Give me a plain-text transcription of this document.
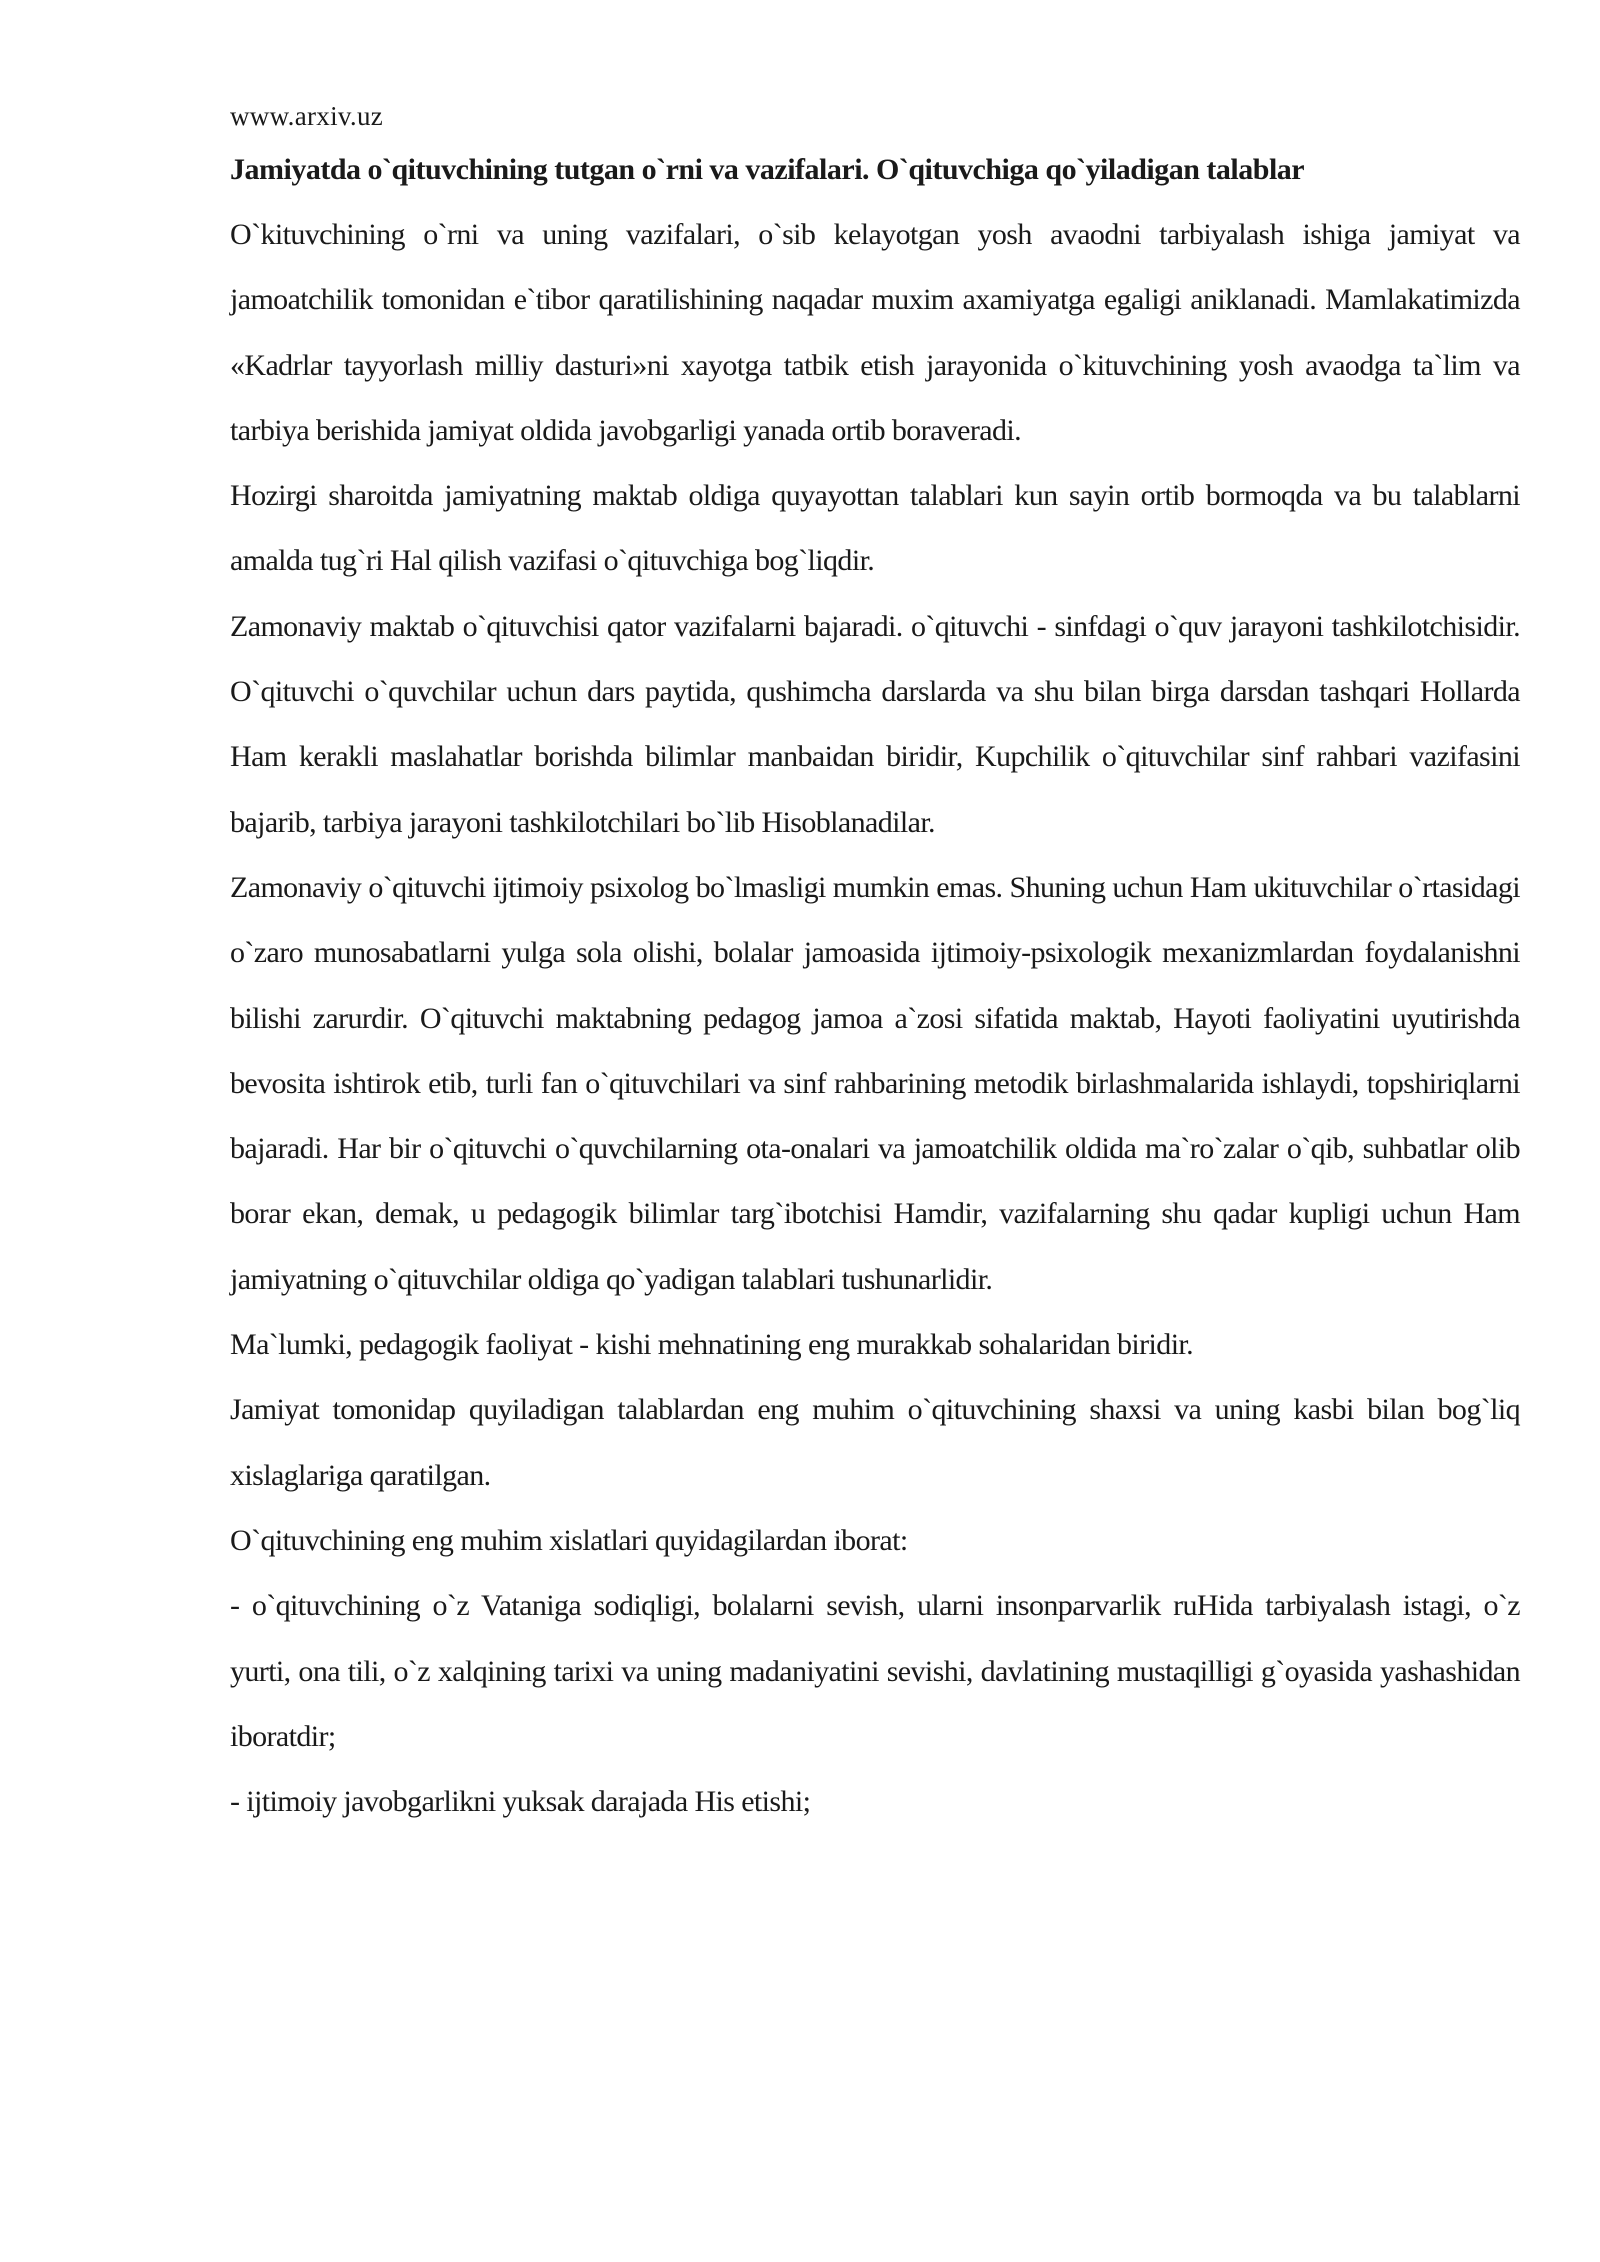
www.arxiv.uz
Jamiyatda o`qituvchining tutgan o`rni va vazifalari. O`qituvchiga qo`yiladigan talablar

O`kituvchining o`rni va uning vazifalari, o`sib kelayotgan yosh avaodni tarbiyalash ishiga jamiyat va jamoatchilik tomonidan e`tibor qaratilishining naqadar muxim axamiyatga egaligi aniklanadi. Mamlakatimizda «Kadrlar tayyorlash milliy dasturi»ni xayotga tatbik etish jarayonida o`kituvchining yosh avaodga ta`lim va tarbiya berishida jamiyat oldida javobgarligi yanada ortib boraveradi.

Hozirgi sharoitda jamiyatning maktab oldiga quyayottan talablari kun sayin ortib bormoqda va bu talablarni amalda tug`ri Hal qilish vazifasi o`qituvchiga bog`liqdir.

Zamonaviy maktab o`qituvchisi qator vazifalarni bajaradi. o`qituvchi - sinfdagi o`quv jarayoni tashkilotchisidir. O`qituvchi o`quvchilar uchun dars paytida, qushimcha darslarda va shu bilan birga darsdan tashqari Hollarda Ham kerakli maslahatlar borishda bilimlar manbaidan biridir, Kupchilik o`qituvchilar sinf rahbari vazifasini bajarib, tarbiya jarayoni tashkilotchilari bo`lib Hisoblanadilar.

Zamonaviy o`qituvchi ijtimoiy psixolog bo`lmasligi mumkin emas. Shuning uchun Ham ukituvchilar o`rtasidagi o`zaro munosabatlarni yulga sola olishi, bolalar jamoasida ijtimoiy-psixologik mexanizmlardan foydalanishni bilishi zarurdir. O`qituvchi maktabning pedagog jamoa a`zosi sifatida maktab, Hayoti faoliyatini uyutirishda bevosita ishtirok etib, turli fan o`qituvchilari va sinf rahbarining metodik birlashmalarida ishlaydi, topshiriqlarni bajaradi. Har bir o`qituvchi o`quvchilarning ota-onalari va jamoatchilik oldida ma`ro`zalar o`qib, suhbatlar olib borar ekan, demak, u pedagogik bilimlar targ`ibotchisi Hamdir, vazifalarning shu qadar kupligi uchun Ham jamiyatning o`qituvchilar oldiga qo`yadigan talablari tushunarlidir.

Ma`lumki, pedagogik faoliyat - kishi mehnatining eng murakkab sohalaridan biridir.

Jamiyat tomonidap quyiladigan talablardan eng muhim o`qituvchining shaxsi va uning kasbi bilan bog`liq xislaglariga qaratilgan.

O`qituvchining eng muhim xislatlari quyidagilardan iborat:

- o`qituvchining o`z Vataniga sodiqligi, bolalarni sevish, ularni insonparvarlik ruHida tarbiyalash istagi, o`z yurti, ona tili, o`z xalqining tarixi va uning madaniyatini sevishi, davlatining mustaqilligi g`oyasida yashashidan iboratdir;

- ijtimoiy javobgarlikni yuksak darajada His etishi;
